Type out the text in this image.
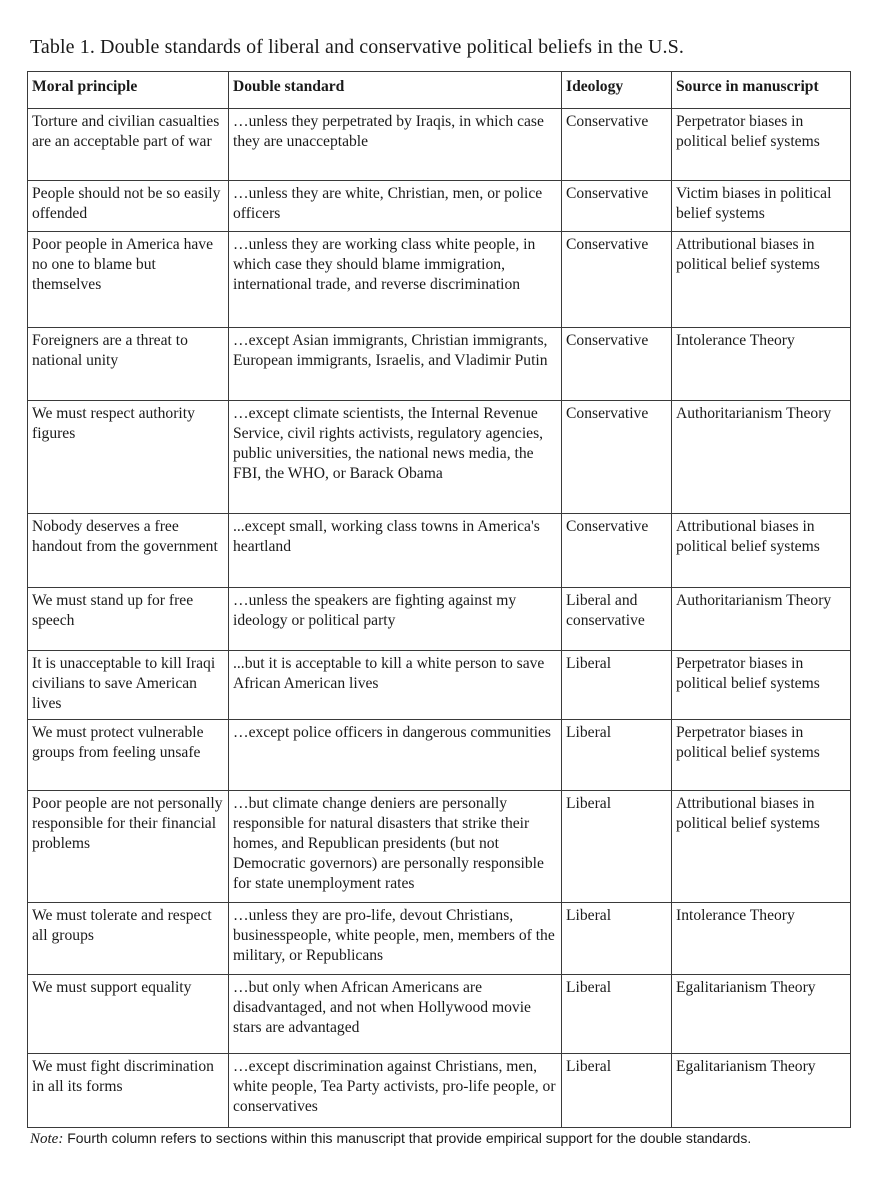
Table 1. Double standards of liberal and conservative political beliefs in the U.S.
Moral principle	Double standard	Ideology	Source in manuscript
Torture and civilian casualties are an acceptable part of war	…unless they perpetrated by Iraqis, in which case they are unacceptable	Conservative	Perpetrator biases in political belief systems
People should not be so easily offended	…unless they are white, Christian, men, or police officers	Conservative	Victim biases in political belief systems
Poor people in America have no one to blame but themselves	…unless they are working class white people, in which case they should blame immigration, international trade, and reverse discrimination	Conservative	Attributional biases in political belief systems
Foreigners are a threat to national unity	…except Asian immigrants, Christian immigrants, European immigrants, Israelis, and Vladimir Putin	Conservative	Intolerance Theory
We must respect authority figures	…except climate scientists, the Internal Revenue Service, civil rights activists, regulatory agencies, public universities, the national news media, the FBI, the WHO, or Barack Obama	Conservative	Authoritarianism Theory
Nobody deserves a free handout from the government	...except small, working class towns in America's heartland	Conservative	Attributional biases in political belief systems
We must stand up for free speech	…unless the speakers are fighting against my ideology or political party	Liberal and conservative	Authoritarianism Theory
It is unacceptable to kill Iraqi civilians to save American lives	...but it is acceptable to kill a white person to save African American lives	Liberal	Perpetrator biases in political belief systems
We must protect vulnerable groups from feeling unsafe	…except police officers in dangerous communities	Liberal	Perpetrator biases in political belief systems
Poor people are not personally responsible for their financial problems	…but climate change deniers are personally responsible for natural disasters that strike their homes, and Republican presidents (but not Democratic governors) are personally responsible for state unemployment rates	Liberal	Attributional biases in political belief systems
We must tolerate and respect all groups	…unless they are pro-life, devout Christians, businesspeople, white people, men, members of the military, or Republicans	Liberal	Intolerance Theory
We must support equality	…but only when African Americans are disadvantaged, and not when Hollywood movie stars are advantaged	Liberal	Egalitarianism Theory
We must fight discrimination in all its forms	…except discrimination against Christians, men, white people, Tea Party activists, pro-life people, or conservatives	Liberal	Egalitarianism Theory
Note: Fourth column refers to sections within this manuscript that provide empirical support for the double standards.
